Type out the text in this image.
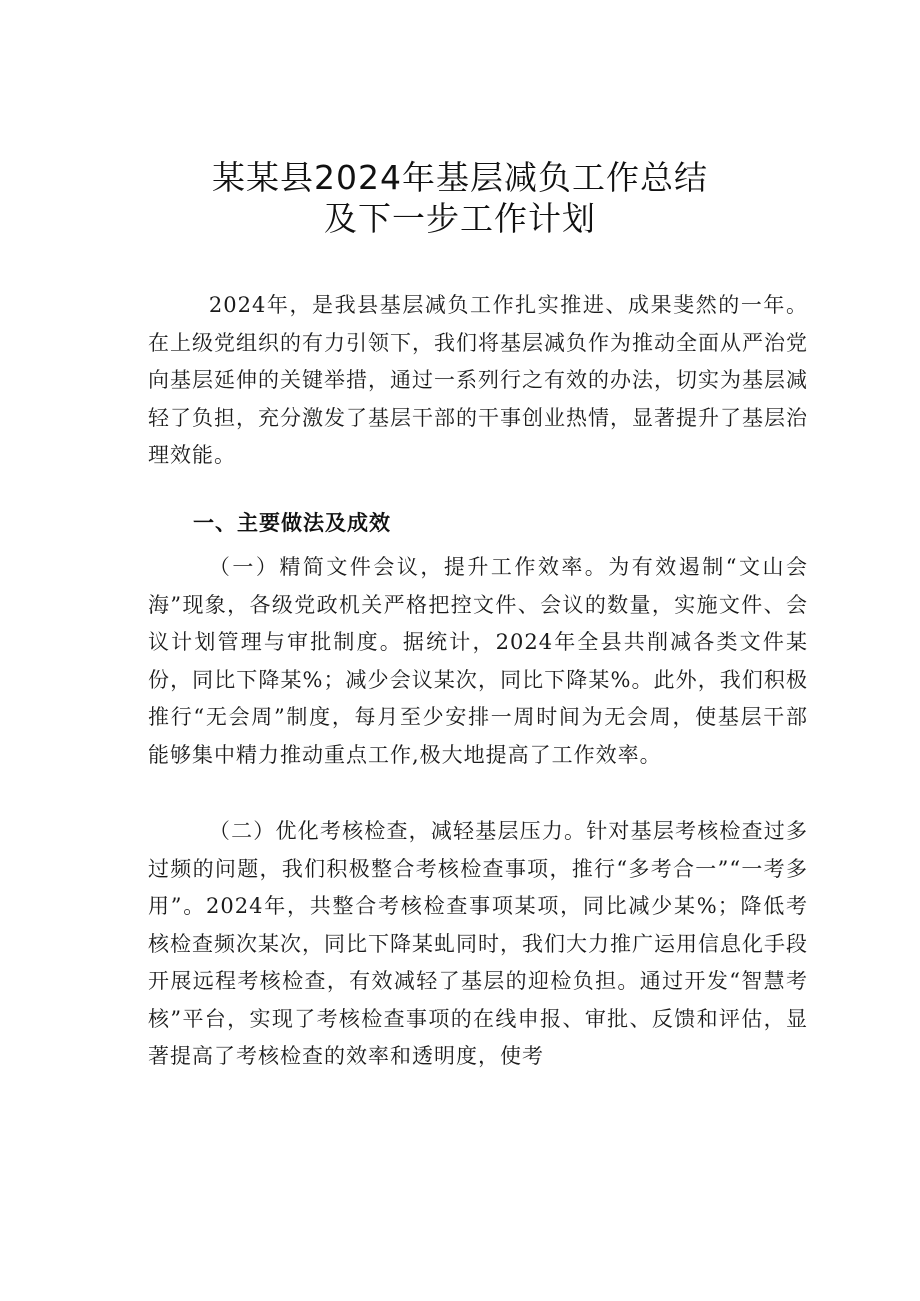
某某县2024年基层减负工作总结
及下一步工作计划

2024年，是我县基层减负工作扎实推进、成果斐然的一年。在上级党组织的有力引领下，我们将基层减负作为推动全面从严治党向基层延伸的关键举措，通过一系列行之有效的办法，切实为基层减轻了负担，充分激发了基层干部的干事创业热情，显著提升了基层治理效能。

一、主要做法及成效

（一）精简文件会议，提升工作效率。为有效遏制“文山会海”现象，各级党政机关严格把控文件、会议的数量，实施文件、会议计划管理与审批制度。据统计，2024年全县共削减各类文件某份，同比下降某%；减少会议某次，同比下降某%。此外，我们积极推行“无会周”制度，每月至少安排一周时间为无会周，使基层干部能够集中精力推动重点工作,极大地提高了工作效率。

（二）优化考核检查，减轻基层压力。针对基层考核检查过多过频的问题，我们积极整合考核检查事项，推行“多考合一”“一考多用”。2024年，共整合考核检查事项某项，同比减少某%；降低考核检查频次某次，同比下降某虬同时，我们大力推广运用信息化手段开展远程考核检查，有效减轻了基层的迎检负担。通过开发“智慧考核”平台，实现了考核检查事项的在线申报、审批、反馈和评估，显著提高了考核检查的效率和透明度，使考
